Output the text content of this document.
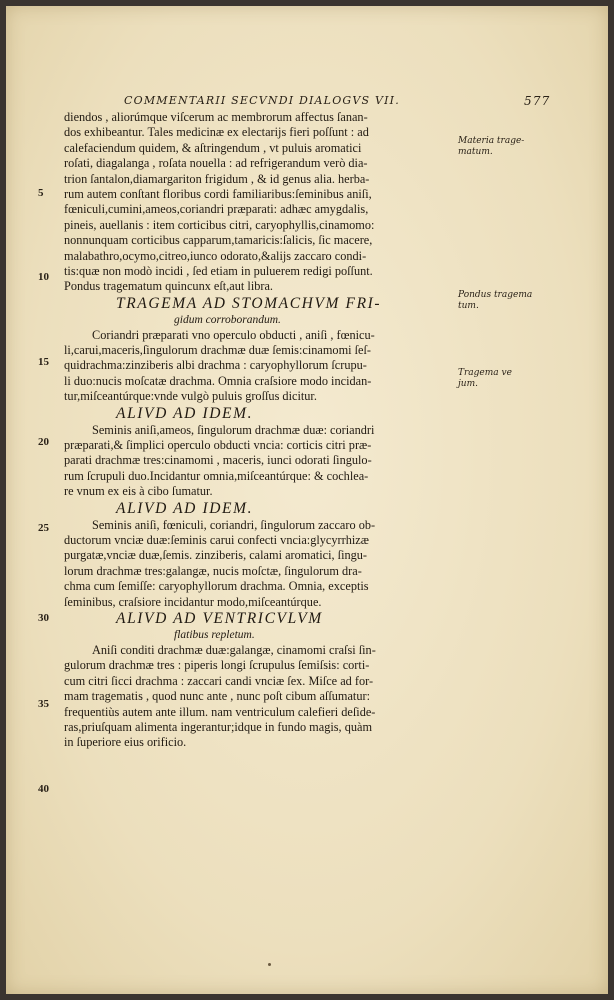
COMMENTARII SECVNDI DIALOGVS VII.	577
diendos , aliorúmque viſcerum ac membrorum affectus ſanan-
dos exhibeantur. Tales medicinæ ex electarijs fieri poſſunt : ad
calefaciendum quidem, & aſtringendum , vt puluis aromatici
roſati, diagalanga , roſata nouella : ad refrigerandum verò dia-
trion ſantalon,diamargariton frigidum , & id genus alia. herba-
rum autem conſtant floribus cordi familiaribus:ſeminibus aniſi,
fœniculi,cumini,ameos,coriandri præparati: adhæc amygdalis,
pineis, auellanis : item corticibus citri, caryophyllis,cinamomo:
nonnunquam corticibus capparum,tamaricis:ſalicis, ſic macere,
malabathro,ocymo,citreo,iunco odorato,&alijs zaccaro condi-
tis:quæ non modò incidi , ſed etiam in puluerem redigi poſſunt.
Pondus tragematum quincunx eſt,aut libra.
TRAGEMA AD STOMACHVM FRI-
gidum corroborandum.
Coriandri præparati vno operculo obducti , aniſi , fœnicu-
li,carui,maceris,ſingulorum drachmæ duæ ſemis:cinamomi ſeſ-
quidrachma:zinziberis albi drachma : caryophyllorum ſcrupu-
li duo:nucis moſcatæ drachma. Omnia craſsiore modo incidan-
tur,miſceantúrque:vnde vulgò puluis groſſus dicitur.
ALIVD AD IDEM.
Seminis aniſi,ameos, ſingulorum drachmæ duæ: coriandri
præparati,& ſimplici operculo obducti vncia: corticis citri præ-
parati drachmæ tres:cinamomi , maceris, iunci odorati ſingulo-
rum ſcrupuli duo.Incidantur omnia,miſceantúrque: & cochlea-
re vnum ex eis à cibo ſumatur.
ALIVD AD IDEM.
Seminis aniſi, fœniculi, coriandri, ſingulorum zaccaro ob-
ductorum vnciæ duæ:ſeminis carui confecti vncia:glycyrrhizæ
purgatæ,vnciæ duæ,ſemis. zinziberis, calami aromatici, ſingu-
lorum drachmæ tres:galangæ, nucis moſctæ, ſingulorum dra-
chma cum ſemiſſe: caryophyllorum drachma. Omnia, exceptis
ſeminibus, craſsiore incidantur modo,miſceantúrque.
ALIVD AD VENTRICVLVM
flatibus repletum.
Aniſi conditi drachmæ duæ:galangæ, cinamomi craſsi ſin-
gulorum drachmæ tres : piperis longi ſcrupulus ſemiſsis: corti-
cum citri ſicci drachma : zaccari candi vnciæ ſex. Miſce ad for-
mam tragematis , quod nunc ante , nunc poſt cibum aſſumatur:
frequentiùs autem ante illum. nam ventriculum calefieri deſide-
ras,priuſquam alimenta ingerantur;idque in fundo magis, quàm
in ſuperiore eius orificio.
5
10
15
20
25
30
35
40
Materia trage-
matum.
Pondus tragema
tum.
Tragema ve
jum.
